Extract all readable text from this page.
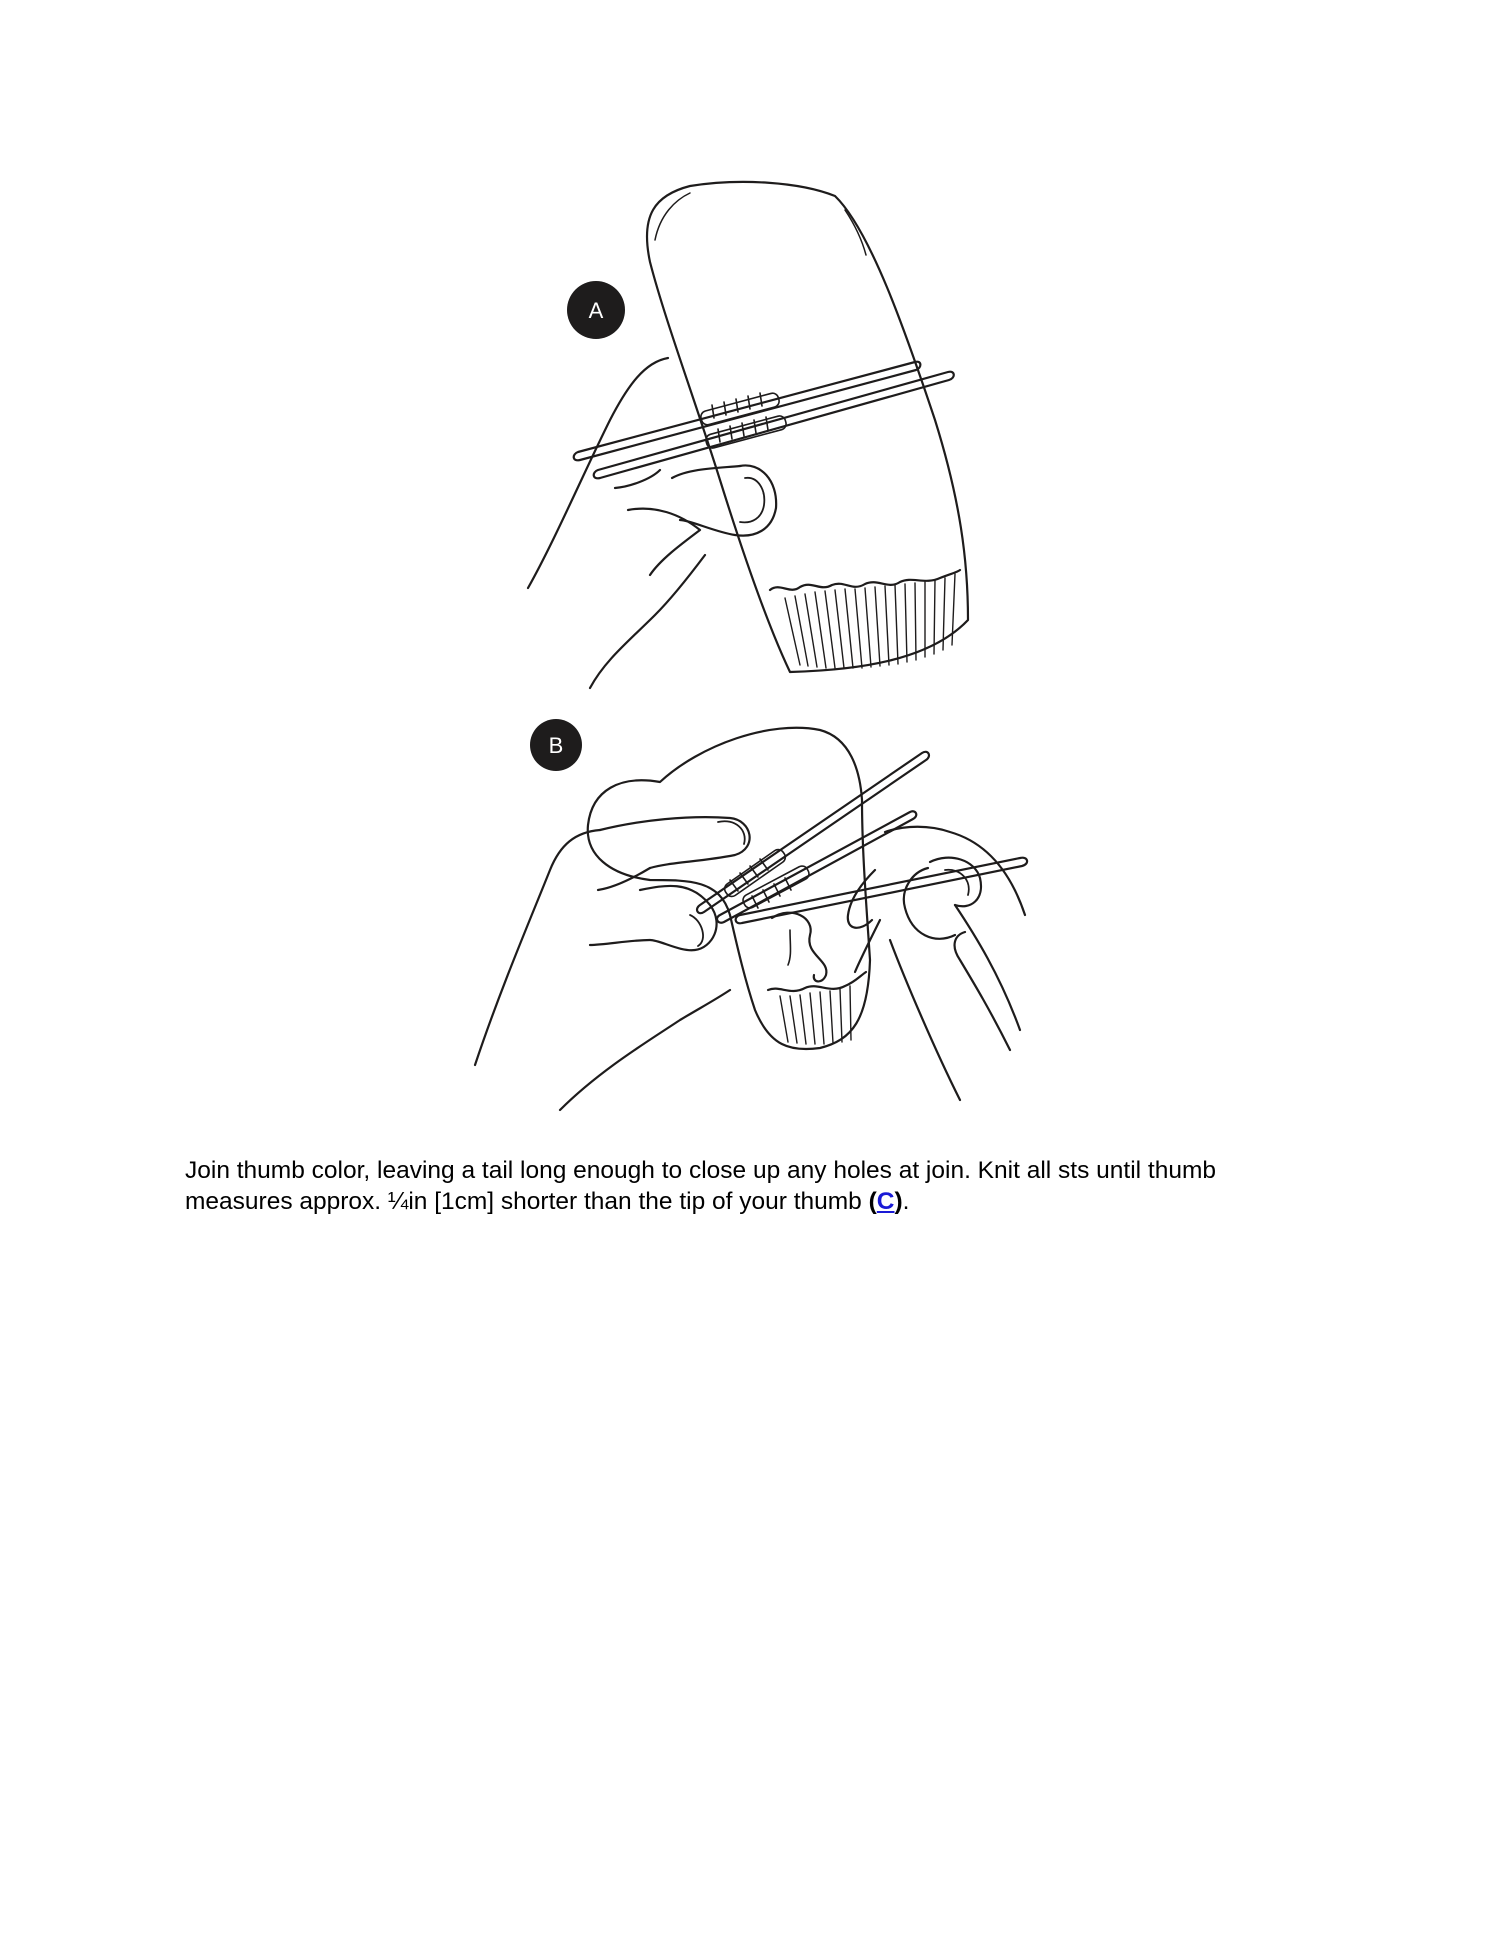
A
B

Join thumb color, leaving a tail long enough to close up any holes at join. Knit all sts until thumb measures approx. ¼in [1cm] shorter than the tip of your thumb (C).
